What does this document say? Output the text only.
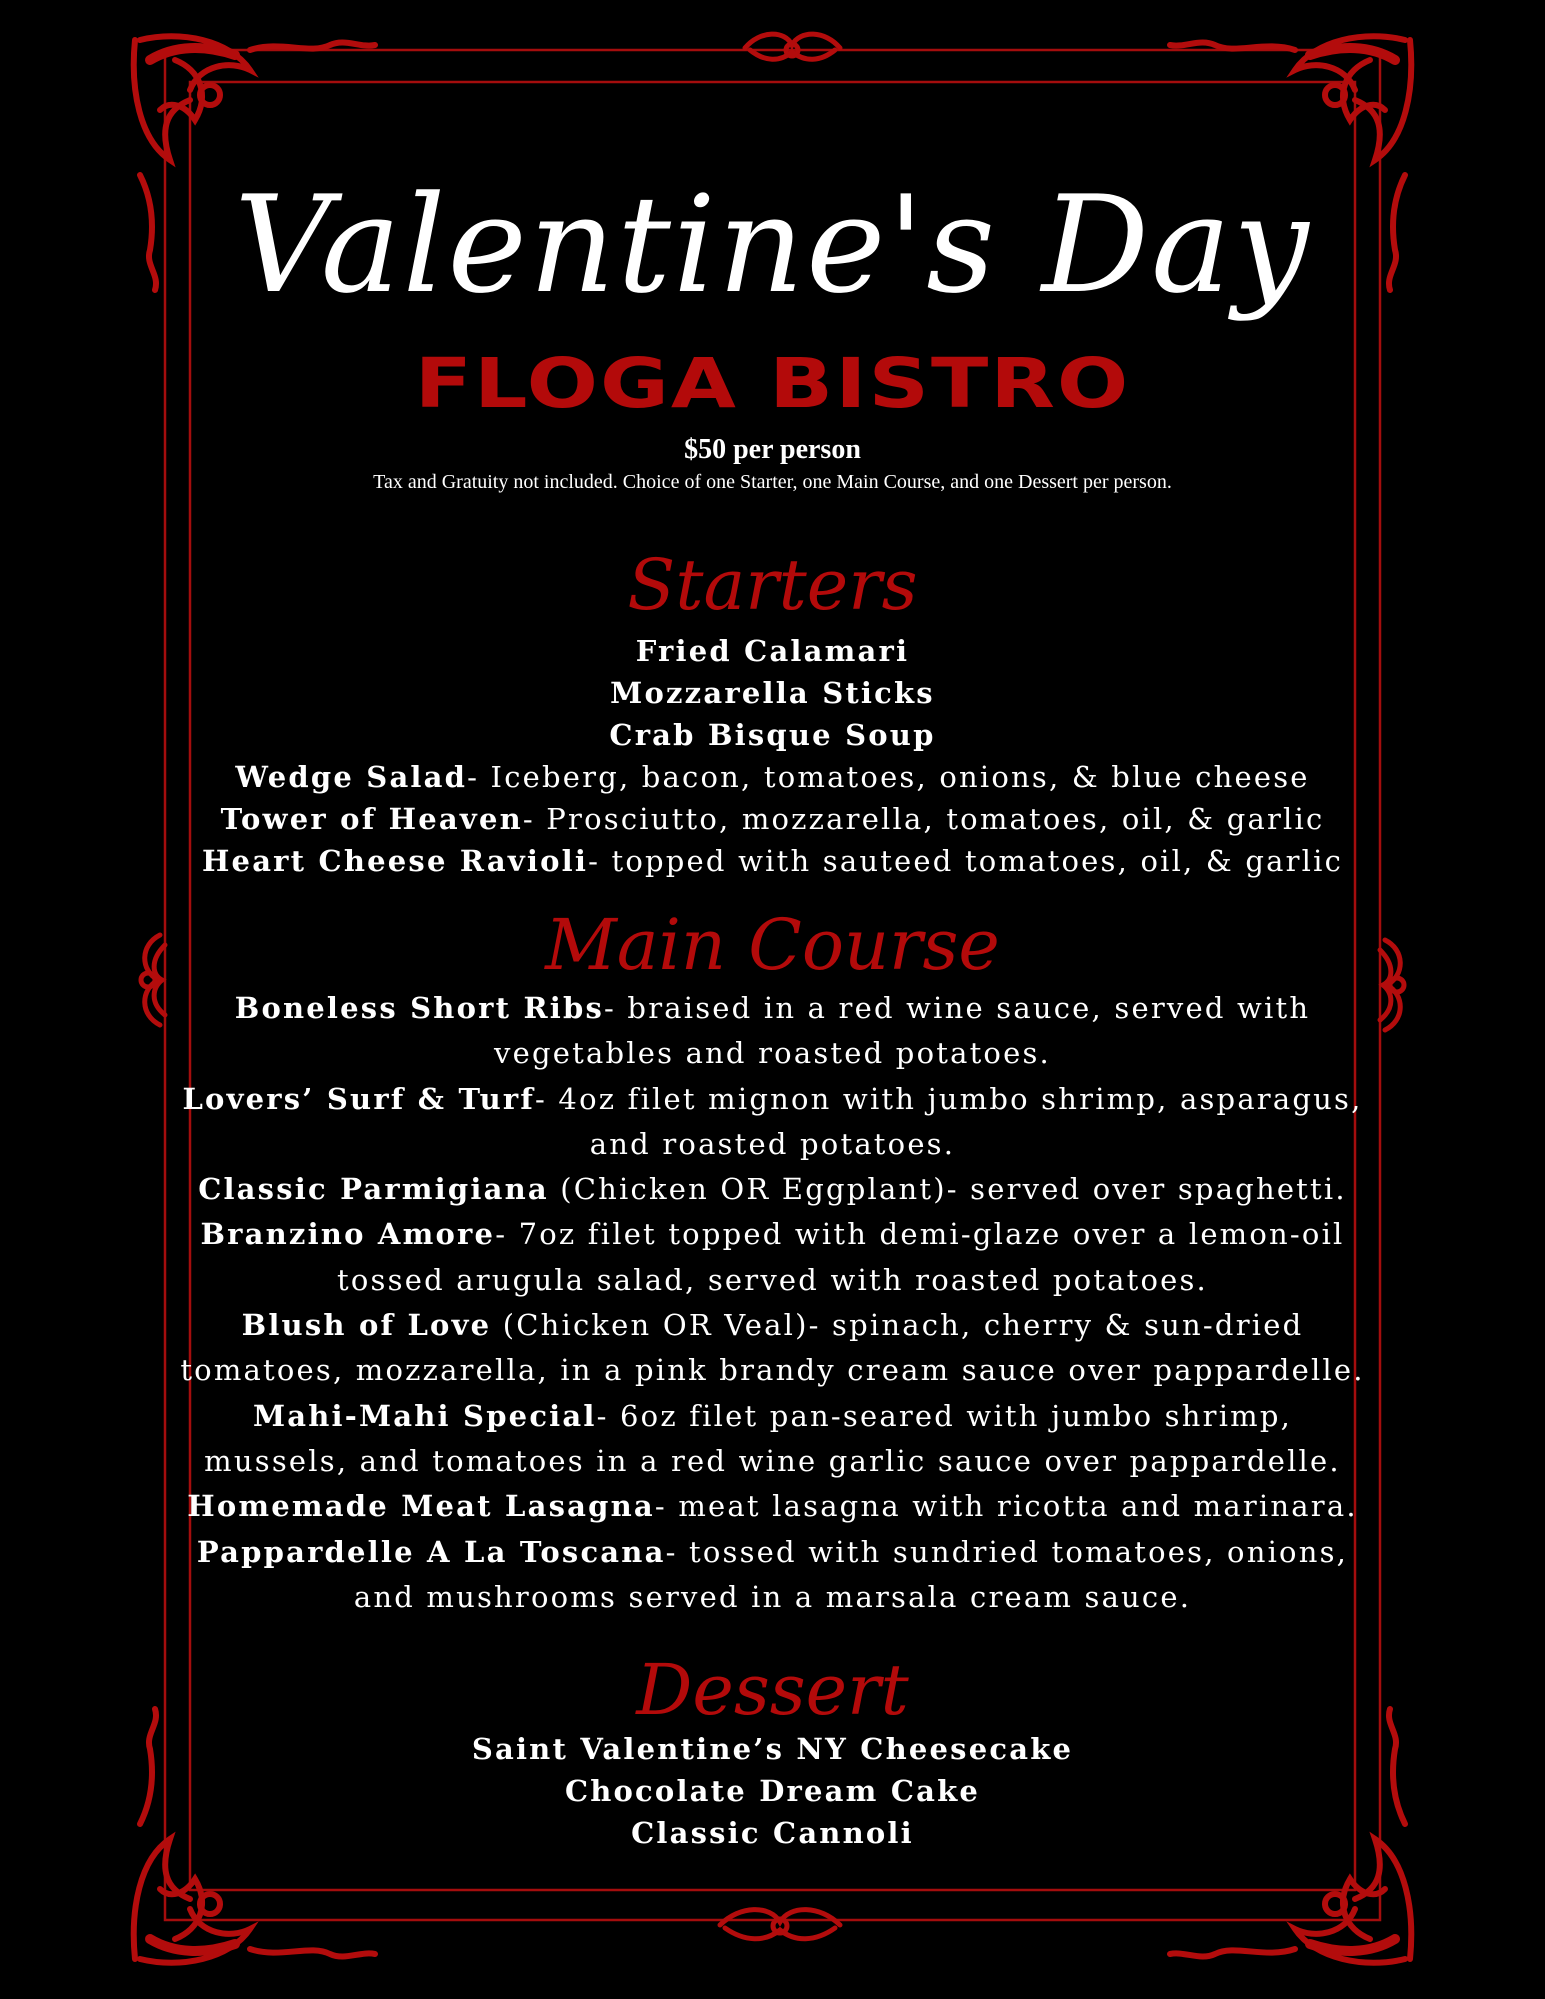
Valentine's Day
FLOGA BISTRO
$50 per person
Tax and Gratuity not included. Choice of one Starter, one Main Course, and one Dessert per person.
Starters
Fried Calamari
Mozzarella Sticks
Crab Bisque Soup
Wedge Salad- Iceberg, bacon, tomatoes, onions, & blue cheese
Tower of Heaven- Prosciutto, mozzarella, tomatoes, oil, & garlic
Heart Cheese Ravioli- topped with sauteed tomatoes, oil, & garlic
Main Course
Boneless Short Ribs- braised in a red wine sauce, served with
vegetables and roasted potatoes.
Lovers’ Surf & Turf- 4oz filet mignon with jumbo shrimp, asparagus,
and roasted potatoes.
Classic Parmigiana (Chicken OR Eggplant)- served over spaghetti.
Branzino Amore- 7oz filet topped with demi-glaze over a lemon-oil
tossed arugula salad, served with roasted potatoes.
Blush of Love (Chicken OR Veal)- spinach, cherry & sun-dried
tomatoes, mozzarella, in a pink brandy cream sauce over pappardelle.
Mahi-Mahi Special- 6oz filet pan-seared with jumbo shrimp,
mussels, and tomatoes in a red wine garlic sauce over pappardelle.
Homemade Meat Lasagna- meat lasagna with ricotta and marinara.
Pappardelle A La Toscana- tossed with sundried tomatoes, onions,
and mushrooms served in a marsala cream sauce.
Dessert
Saint Valentine’s NY Cheesecake
Chocolate Dream Cake
Classic Cannoli
